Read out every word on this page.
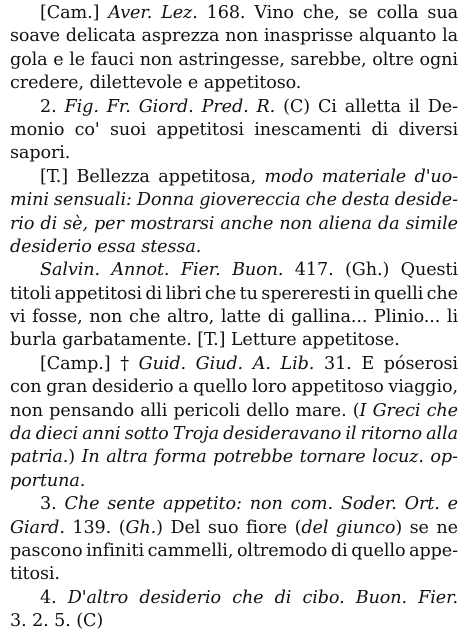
[Cam.] Aver. Lez. 168. Vino che, se colla sua
soave delicata asprezza non inasprisse alquanto la
gola e le fauci non astringesse, sarebbe, oltre ogni
credere, dilettevole e appetitoso.
2. Fig. Fr. Giord. Pred. R. (C) Ci alletta il De-
monio co' suoi appetitosi inescamenti di diversi
sapori.
[T.] Bellezza appetitosa, modo materiale d'uo-
mini sensuali: Donna giovereccia che desta deside-
rio di sè, per mostrarsi anche non aliena da simile
desiderio essa stessa.
Salvin. Annot. Fier. Buon. 417. (Gh.) Questi
titoli appetitosi di libri che tu spereresti in quelli che
vi fosse, non che altro, latte di gallina... Plinio... li
burla garbatamente. [T.] Letture appetitose.
[Camp.] † Guid. Giud. A. Lib. 31. E póserosi
con gran desiderio a quello loro appetitoso viaggio,
non pensando alli pericoli dello mare. (I Greci che
da dieci anni sotto Troja desideravano il ritorno alla
patria.) In altra forma potrebbe tornare locuz. op-
portuna.
3. Che sente appetito: non com. Soder. Ort. e
Giard. 139. (Gh.) Del suo fiore (del giunco) se ne
pascono infiniti cammelli, oltremodo di quello appe-
titosi.
4. D'altro desiderio che di cibo. Buon. Fier.
3. 2. 5. (C)
